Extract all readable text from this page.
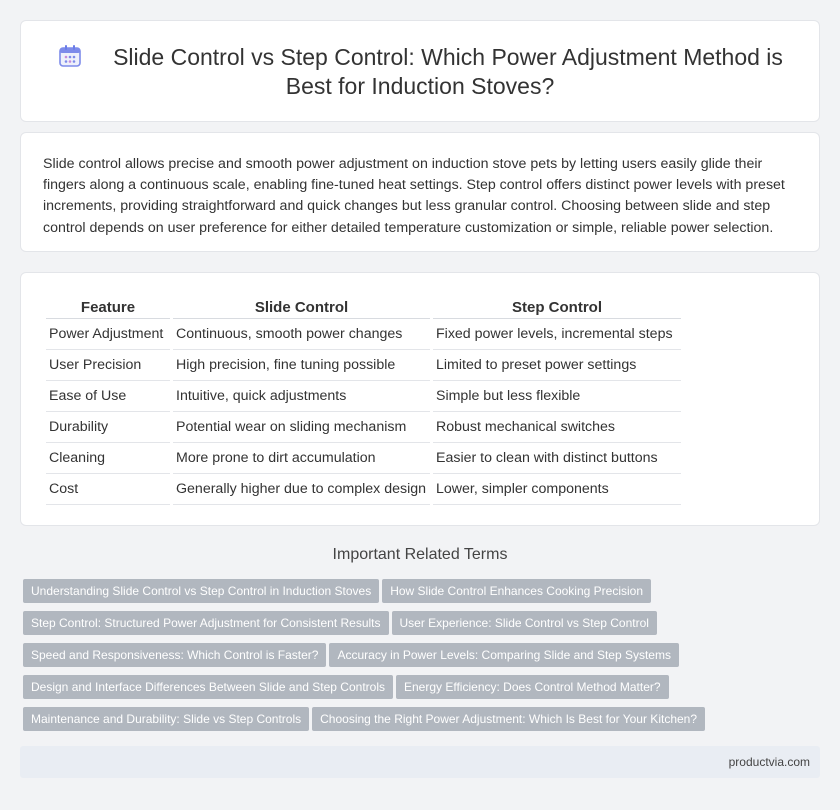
Slide Control vs Step Control: Which Power Adjustment Method is Best for Induction Stoves?

Slide control allows precise and smooth power adjustment on induction stove pets by letting users easily glide their fingers along a continuous scale, enabling fine-tuned heat settings. Step control offers distinct power levels with preset increments, providing straightforward and quick changes but less granular control. Choosing between slide and step control depends on user preference for either detailed temperature customization or simple, reliable power selection.

Feature	Slide Control	Step Control
Power Adjustment	Continuous, smooth power changes	Fixed power levels, incremental steps
User Precision	High precision, fine tuning possible	Limited to preset power settings
Ease of Use	Intuitive, quick adjustments	Simple but less flexible
Durability	Potential wear on sliding mechanism	Robust mechanical switches
Cleaning	More prone to dirt accumulation	Easier to clean with distinct buttons
Cost	Generally higher due to complex design	Lower, simpler components
Important Related Terms
Understanding Slide Control vs Step Control in Induction Stoves How Slide Control Enhances Cooking Precision
Step Control: Structured Power Adjustment for Consistent Results User Experience: Slide Control vs Step Control
Speed and Responsiveness: Which Control is Faster? Accuracy in Power Levels: Comparing Slide and Step Systems
Design and Interface Differences Between Slide and Step Controls Energy Efficiency: Does Control Method Matter?
Maintenance and Durability: Slide vs Step Controls Choosing the Right Power Adjustment: Which Is Best for Your Kitchen?
productvia.com
